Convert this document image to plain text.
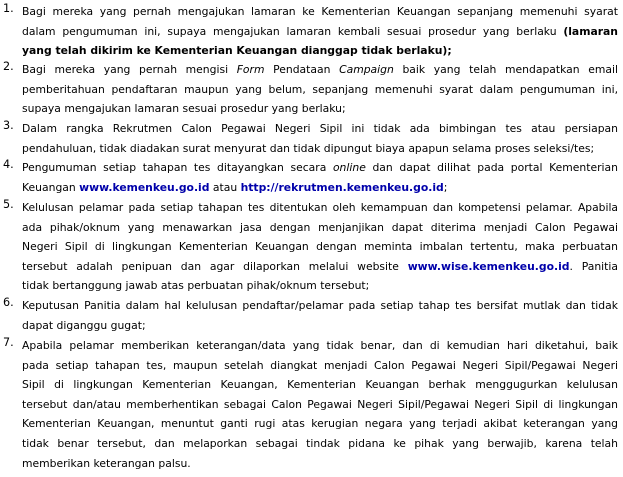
1. Bagi mereka yang pernah mengajukan lamaran ke Kementerian Keuangan sepanjang memenuhi syarat
dalam pengumuman ini, supaya mengajukan lamaran kembali sesuai prosedur yang berlaku (lamaran
yang telah dikirim ke Kementerian Keuangan dianggap tidak berlaku);
2. Bagi mereka yang pernah mengisi Form Pendataan Campaign baik yang telah mendapatkan email
pemberitahuan pendaftaran maupun yang belum, sepanjang memenuhi syarat dalam pengumuman ini,
supaya mengajukan lamaran sesuai prosedur yang berlaku;
3. Dalam rangka Rekrutmen Calon Pegawai Negeri Sipil ini tidak ada bimbingan tes atau persiapan
pendahuluan, tidak diadakan surat menyurat dan tidak dipungut biaya apapun selama proses seleksi/tes;
4. Pengumuman setiap tahapan tes ditayangkan secara online dan dapat dilihat pada portal Kementerian
Keuangan www.kemenkeu.go.id atau http://rekrutmen.kemenkeu.go.id;
5. Kelulusan pelamar pada setiap tahapan tes ditentukan oleh kemampuan dan kompetensi pelamar. Apabila
ada pihak/oknum yang menawarkan jasa dengan menjanjikan dapat diterima menjadi Calon Pegawai
Negeri Sipil di lingkungan Kementerian Keuangan dengan meminta imbalan tertentu, maka perbuatan
tersebut adalah penipuan dan agar dilaporkan melalui website www.wise.kemenkeu.go.id. Panitia
tidak bertanggung jawab atas perbuatan pihak/oknum tersebut;
6. Keputusan Panitia dalam hal kelulusan pendaftar/pelamar pada setiap tahap tes bersifat mutlak dan tidak
dapat diganggu gugat;
7. Apabila pelamar memberikan keterangan/data yang tidak benar, dan di kemudian hari diketahui, baik
pada setiap tahapan tes, maupun setelah diangkat menjadi Calon Pegawai Negeri Sipil/Pegawai Negeri
Sipil di lingkungan Kementerian Keuangan, Kementerian Keuangan berhak menggugurkan kelulusan
tersebut dan/atau memberhentikan sebagai Calon Pegawai Negeri Sipil/Pegawai Negeri Sipil di lingkungan
Kementerian Keuangan, menuntut ganti rugi atas kerugian negara yang terjadi akibat keterangan yang
tidak benar tersebut, dan melaporkan sebagai tindak pidana ke pihak yang berwajib, karena telah
memberikan keterangan palsu.
